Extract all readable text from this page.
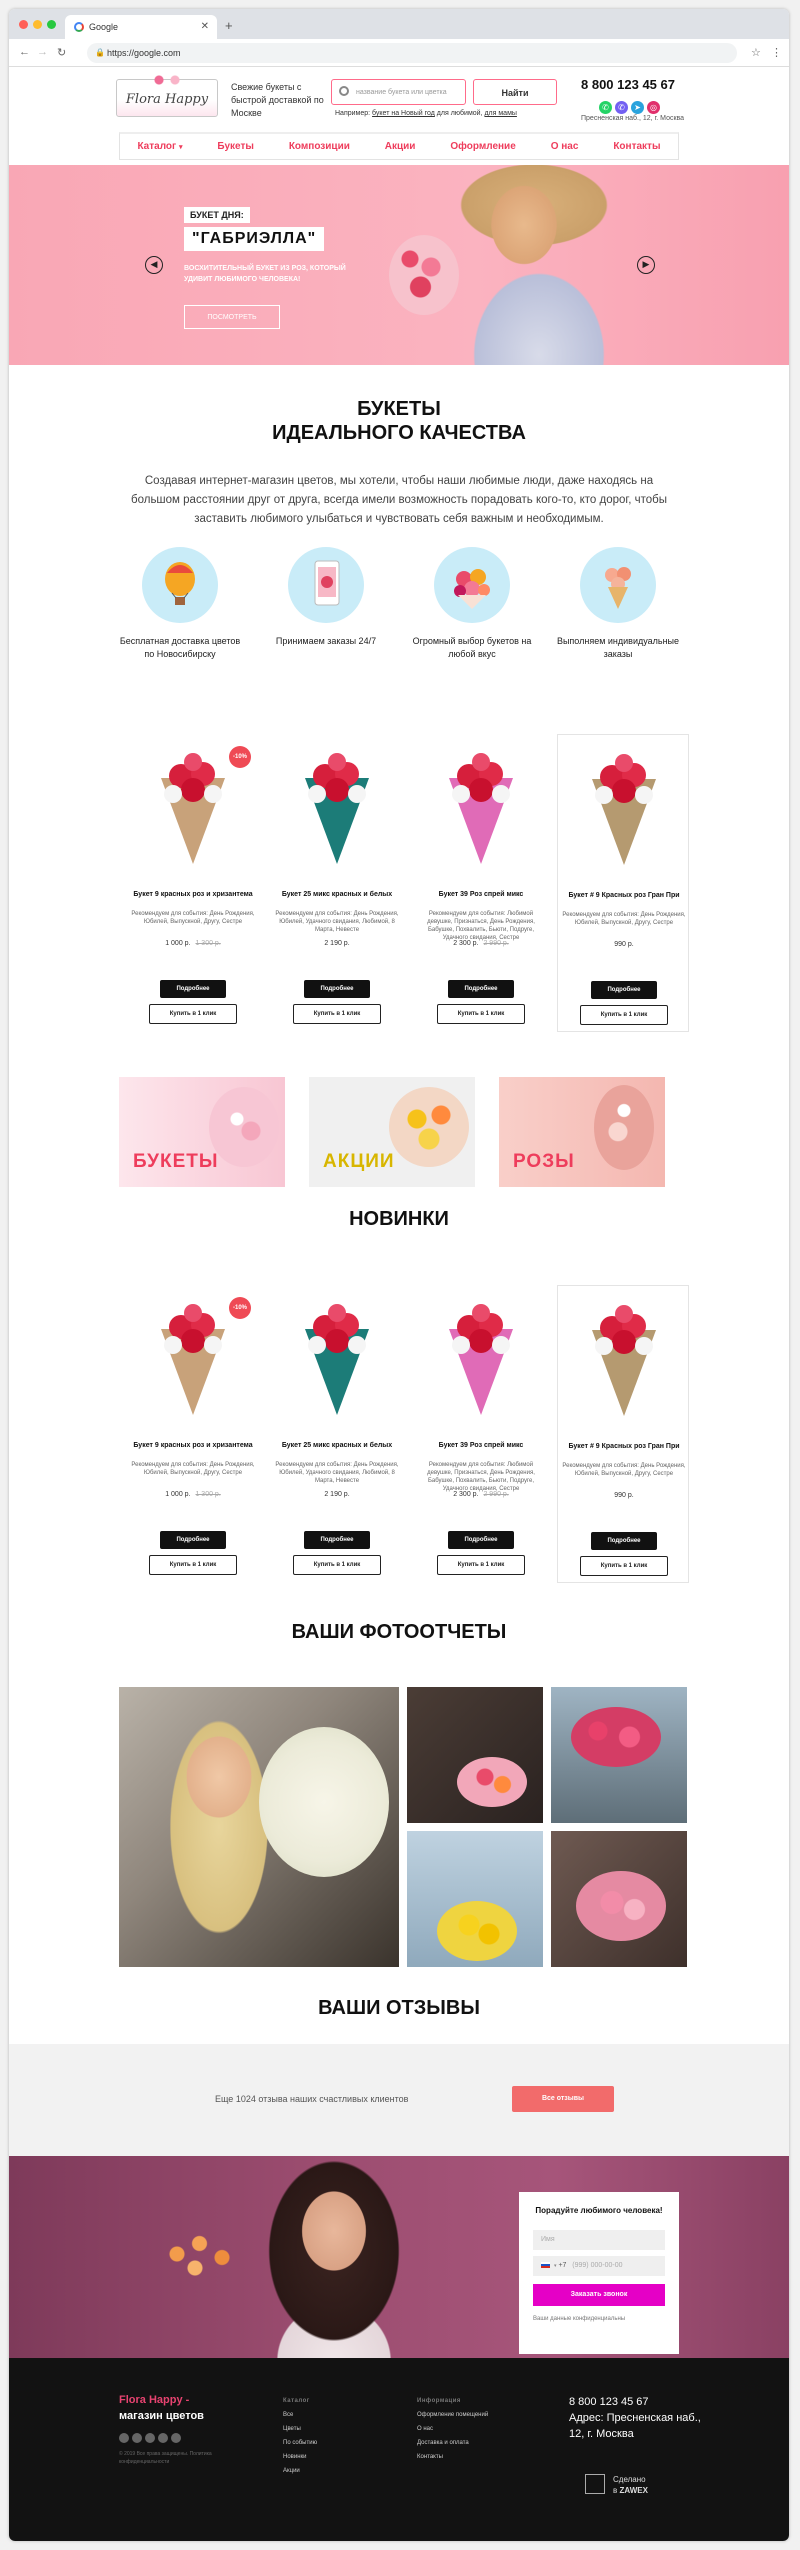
Google	✕ +
← → ↻	🔒 https://google.com	☆ ⋮
Flora Happy
Свежие букеты с быстрой доставкой по Москве
название букета или цветка	Найти
Например: букет на Новый год для любимой, для мамы
8 800 123 45 67
✆ ✆ ➤ ◎
Пресненская наб., 12, г. Москва
Каталог ▾	Букеты	Композиции	Акции	Оформление	О нас	Контакты
БУКЕТ ДНЯ:
"ГАБРИЭЛЛА"
ВОСХИТИТЕЛЬНЫЙ БУКЕТ ИЗ РОЗ, КОТОРЫЙ УДИВИТ ЛЮБИМОГО ЧЕЛОВЕКА!
ПОСМОТРЕТЬ
◀	▶
БУКЕТЫ
ИДЕАЛЬНОГО КАЧЕСТВА
Создавая интернет-магазин цветов, мы хотели, чтобы наши любимые люди, даже находясь на большом расстоянии друг от друга, всегда имели возможность порадовать кого-то, кто дорог, чтобы заставить любимого улыбаться и чувствовать себя важным и необходимым.
Бесплатная доставка цветов по Новосибирску
Принимаем заказы 24/7	Огромный выбор букетов на любой вкус
Выполняем индивидуальные заказы
-10%
Букет 9 красных роз и хризантема
Рекомендуем для события: День Рождения, Юбилей, Выпускной, Другу, Сестре
1 000 р. 1 300 р.
Подробнее
Купить в 1 клик
Букет 25 микс красных и белых
Рекомендуем для события: День Рождения, Юбилей, Удачного свидания, Любимой, 8 Марта, Невесте
2 190 р.
Подробнее
Купить в 1 клик
Букет 39 Роз спрей микс
Рекомендуем для события: Любимой девушке, Признаться, День Рождения, Бабушке, Похвалить, Бьюти, Подруге, Удачного свидания, Сестре
2 300 р. 2 990 р.
Подробнее
Купить в 1 клик
Букет # 9 Красных роз Гран При
Рекомендуем для события: День Рождения, Юбилей, Выпускной, Другу, Сестре
990 р.
Подробнее
Купить в 1 клик
БУКЕТЫ	АКЦИИ	РОЗЫ
НОВИНКИ
-10%
Букет 9 красных роз и хризантема
Рекомендуем для события: День Рождения, Юбилей, Выпускной, Другу, Сестре
1 000 р. 1 300 р.
Подробнее
Купить в 1 клик
Букет 25 микс красных и белых
Рекомендуем для события: День Рождения, Юбилей, Удачного свидания, Любимой, 8 Марта, Невесте
2 190 р.
Подробнее
Купить в 1 клик
Букет 39 Роз спрей микс
Рекомендуем для события: Любимой девушке, Признаться, День Рождения, Бабушке, Похвалить, Бьюти, Подруге, Удачного свидания, Сестре
2 300 р. 2 990 р.
Подробнее
Купить в 1 клик
Букет # 9 Красных роз Гран При
Рекомендуем для события: День Рождения, Юбилей, Выпускной, Другу, Сестре
990 р.
Подробнее
Купить в 1 клик
ВАШИ ФОТООТЧЕТЫ
ВАШИ ОТЗЫВЫ
Еще 1024 отзыва наших счастливых клиентов	Все отзывы
Порадуйте любимого человека!
Имя
▾ +7 (999) 000-00-00
Заказать звонок
Ваши данные конфиденциальны
Flora Happy -
магазин цветов
© 2019 Все права защищены. Политика конфиденциальности
Каталог
Все
Цветы
По событию
Новинки
Акции
Информация
Оформление помещений
О нас
Доставка и оплата
Контакты
8 800 123 45 67
Адрес: Пресненская наб., 12, г. Москва
Сделано
в ZAWEX
